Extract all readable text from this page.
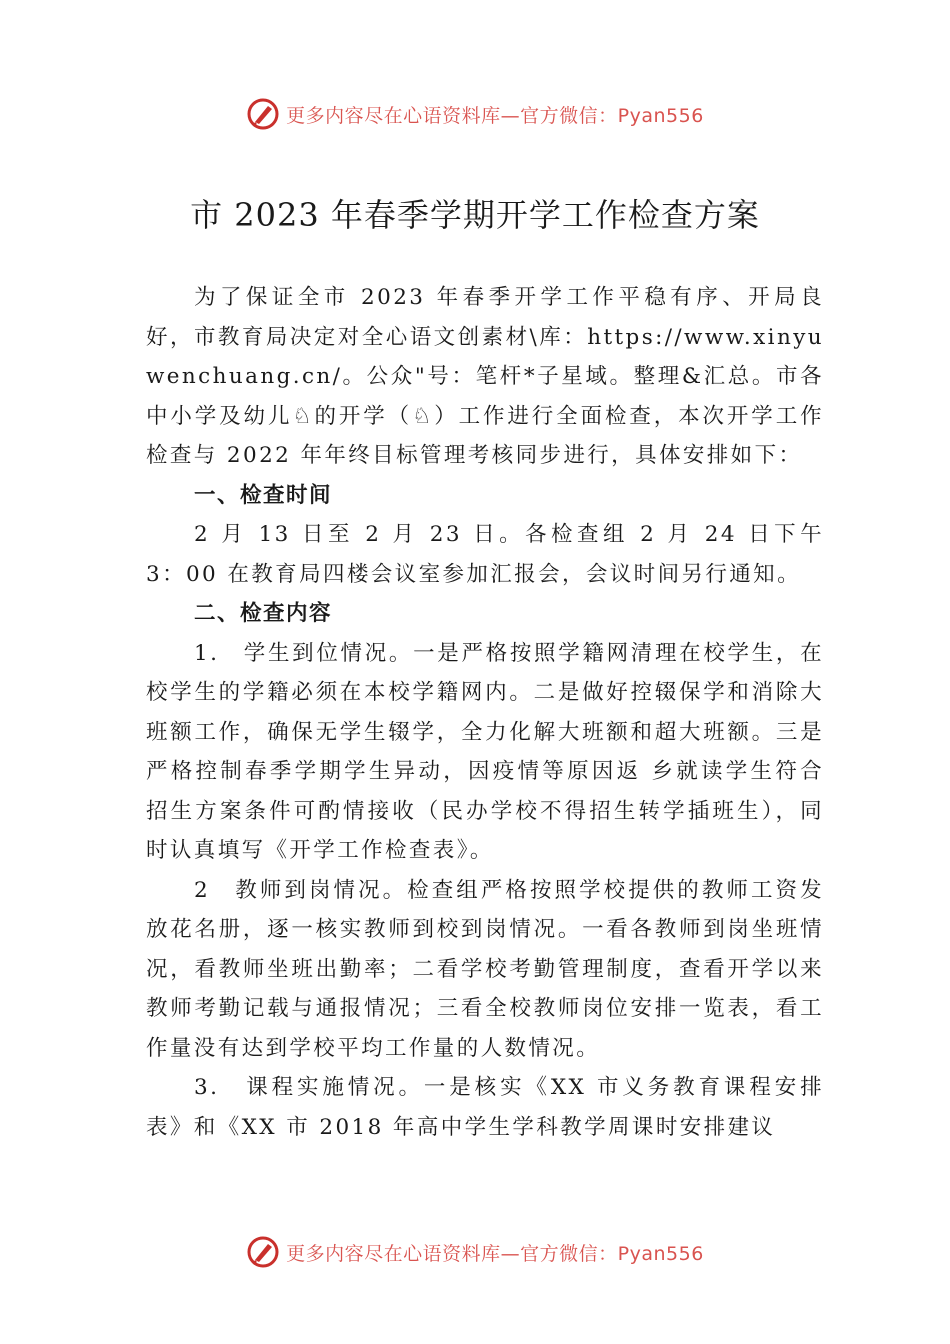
更多内容尽在心语资料库—官方微信：Pyan556
市 2023 年春季学期开学工作检查方案

为了保证全市 2023 年春季开学工作平稳有序、开局良好，市教育局决定对全心语文创素材\库：https://www.xinyuwenchuang.cn/。公众"号：笔杆*子星域。整理&汇总。市各中小学及幼儿♘的开学（♘）工作进行全面检查，本次开学工作检查与 2022 年年终目标管理考核同步进行，具体安排如下：

一、检查时间

2 月 13 日至 2 月 23 日。各检查组 2 月 24 日下午 3：00 在教育局四楼会议室参加汇报会，会议时间另行通知。

二、检查内容

1.　学生到位情况。一是严格按照学籍网清理在校学生，在校学生的学籍必须在本校学籍网内。二是做好控辍保学和消除大班额工作，确保无学生辍学，全力化解大班额和超大班额。三是严格控制春季学期学生异动，因疫情等原因返 乡就读学生符合招生方案条件可酌情接收（民办学校不得招生转学插班生），同时认真填写《开学工作检查表》。

2　教师到岗情况。检查组严格按照学校提供的教师工资发放花名册，逐一核实教师到校到岗情况。一看各教师到岗坐班情况，看教师坐班出勤率；二看学校考勤管理制度，查看开学以来教师考勤记载与通报情况；三看全校教师岗位安排一览表，看工作量没有达到学校平均工作量的人数情况。

3.　课程实施情况。一是核实《XX 市义务教育课程安排表》和《XX 市 2018 年高中学生学科教学周课时安排建议

更多内容尽在心语资料库—官方微信：Pyan556
